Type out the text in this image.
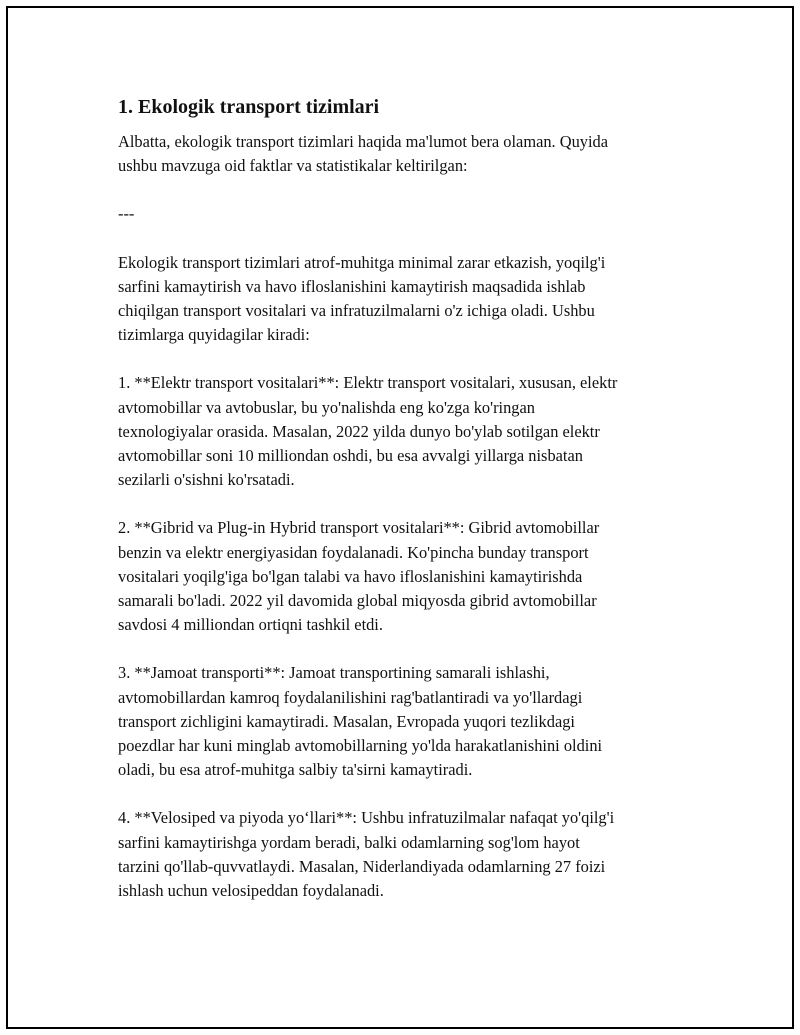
1. Ekologik transport tizimlari

Albatta, ekologik transport tizimlari haqida ma'lumot bera olaman. Quyida
ushbu mavzuga oid faktlar va statistikalar keltirilgan:

---

Ekologik transport tizimlari atrof-muhitga minimal zarar etkazish, yoqilg'i
sarfini kamaytirish va havo ifloslanishini kamaytirish maqsadida ishlab
chiqilgan transport vositalari va infratuzilmalarni o'z ichiga oladi. Ushbu
tizimlarga quyidagilar kiradi:

1. **Elektr transport vositalari**: Elektr transport vositalari, xususan, elektr
avtomobillar va avtobuslar, bu yo'nalishda eng ko'zga ko'ringan
texnologiyalar orasida. Masalan, 2022 yilda dunyo bo'ylab sotilgan elektr
avtomobillar soni 10 milliondan oshdi, bu esa avvalgi yillarga nisbatan
sezilarli o'sishni ko'rsatadi.

2. **Gibrid va Plug-in Hybrid transport vositalari**: Gibrid avtomobillar
benzin va elektr energiyasidan foydalanadi. Ko'pincha bunday transport
vositalari yoqilg'iga bo'lgan talabi va havo ifloslanishini kamaytirishda
samarali bo'ladi. 2022 yil davomida global miqyosda gibrid avtomobillar
savdosi 4 milliondan ortiqni tashkil etdi.

3. **Jamoat transporti**: Jamoat transportining samarali ishlashi,
avtomobillardan kamroq foydalanilishini rag'batlantiradi va yo'llardagi
transport zichligini kamaytiradi. Masalan, Evropada yuqori tezlikdagi
poezdlar har kuni minglab avtomobillarning yo'lda harakatlanishini oldini
oladi, bu esa atrof-muhitga salbiy ta'sirni kamaytiradi.

4. **Velosiped va piyoda yo‘llari**: Ushbu infratuzilmalar nafaqat yo'qilg'i
sarfini kamaytirishga yordam beradi, balki odamlarning sog'lom hayot
tarzini qo'llab-quvvatlaydi. Masalan, Niderlandiyada odamlarning 27 foizi
ishlash uchun velosipeddan foydalanadi.
